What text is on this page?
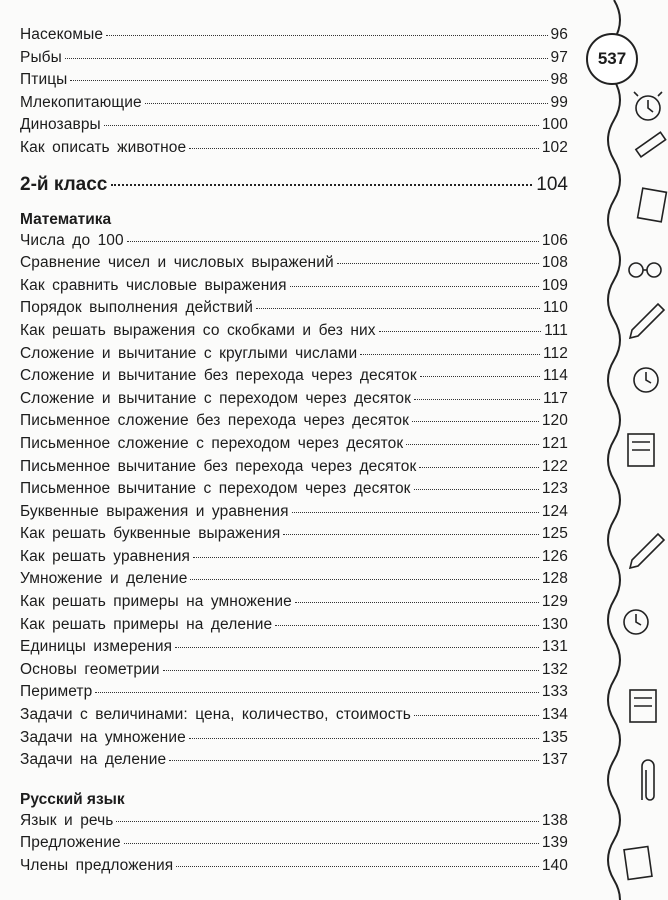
Насекомые	96
Рыбы	97
Птицы	98
Млекопитающие	99
Динозавры	100
Как описать животное	102
2-й класс	104
Математика
Числа до 100	106
Сравнение чисел и числовых выражений	108
Как сравнить числовые выражения	109
Порядок выполнения действий	110
Как решать выражения со скобками и без них	111
Сложение и вычитание с круглыми числами	112
Сложение и вычитание без перехода через десяток	114
Сложение и вычитание с переходом через десяток	117
Письменное сложение без перехода через десяток	120
Письменное сложение с переходом через десяток	121
Письменное вычитание без перехода через десяток	122
Письменное вычитание с переходом через десяток	123
Буквенные выражения и уравнения	124
Как решать буквенные выражения	125
Как решать уравнения	126
Умножение и деление	128
Как решать примеры на умножение	129
Как решать примеры на деление	130
Единицы измерения	131
Основы геометрии	132
Периметр	133
Задачи с величинами: цена, количество, стоимость	134
Задачи на умножение	135
Задачи на деление	137
Русский язык
Язык и речь	138
Предложение	139
Члены предложения	140
537
